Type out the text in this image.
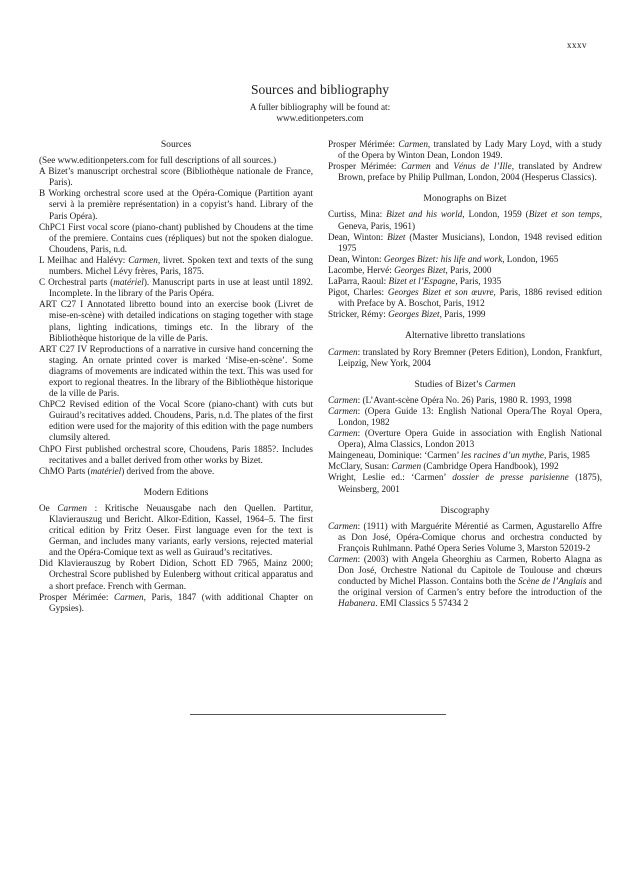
xxxv
Sources and bibliography
A fuller bibliography will be found at:
www.editionpeters.com
Sources

(See www.editionpeters.com for full descriptions of all sources.)

A Bizet’s manuscript orchestral score (Bibliothèque nationale de France, Paris).

B Working orchestral score used at the Opéra-Comique (Partition ayant servi à la première représentation) in a copyist’s hand. Library of the Paris Opéra).

ChPC1 First vocal score (piano-chant) published by Choudens at the time of the premiere. Contains cues (répliques) but not the spoken dialogue. Choudens, Paris, n.d.

L Meilhac and Halévy: Carmen, livret. Spoken text and texts of the sung numbers. Michel Lévy frères, Paris, 1875.

C Orchestral parts (matériel). Manuscript parts in use at least until 1892. Incomplete. In the library of the Paris Opéra.

ART C27 I Annotated libretto bound into an exercise book (Livret de mise-en-scène) with detailed indications on staging together with stage plans, lighting indications, timings etc. In the library of the Bibliothèque historique de la ville de Paris.

ART C27 IV Reproductions of a narrative in cursive hand concerning the staging. An ornate printed cover is marked ‘Mise-en-scène’. Some diagrams of movements are indicated within the text. This was used for export to regional theatres. In the library of the Bibliothèque historique de la ville de Paris.

ChPC2 Revised edition of the Vocal Score (piano-chant) with cuts but Guiraud’s recitatives added. Choudens, Paris, n.d. The plates of the first edition were used for the majority of this edition with the page numbers clumsily altered.

ChPO First published orchestral score, Choudens, Paris 1885?. Includes recitatives and a ballet derived from other works by Bizet.

ChMO Parts (matériel) derived from the above.

Modern Editions

Oe Carmen : Kritische Neuausgabe nach den Quellen. Partitur, Klavierauszug und Bericht. Alkor-Edition, Kassel, 1964–5. The first critical edition by Fritz Oeser. First language even for the text is German, and includes many variants, early versions, rejected material and the Opéra-Comique text as well as Guiraud’s recitatives.

Did Klavierauszug by Robert Didion, Schott ED 7965, Mainz 2000; Orchestral Score published by Eulenberg without critical apparatus and a short preface. French with German.

Prosper Mérimée: Carmen, Paris, 1847 (with additional Chapter on Gypsies).

Prosper Mérimée: Carmen, translated by Lady Mary Loyd, with a study of the Opera by Winton Dean, London 1949.

Prosper Mérimée: Carmen and Vénus de l’Ille, translated by Andrew Brown, preface by Philip Pullman, London, 2004 (Hesperus Classics).

Monographs on Bizet

Curtiss, Mina: Bizet and his world, London, 1959 (Bizet et son temps, Geneva, Paris, 1961)

Dean, Winton: Bizet (Master Musicians), London, 1948 revised edition 1975

Dean, Winton: Georges Bizet: his life and work, London, 1965

Lacombe, Hervé: Georges Bizet, Paris, 2000

LaParra, Raoul: Bizet et l’Espagne, Paris, 1935

Pigot, Charles: Georges Bizet et son œuvre, Paris, 1886 revised edition with Preface by A. Boschot, Paris, 1912

Stricker, Rémy: Georges Bizet, Paris, 1999

Alternative libretto translations

Carmen: translated by Rory Bremner (Peters Edition), London, Frankfurt, Leipzig, New York, 2004

Studies of Bizet’s Carmen

Carmen: (L’Avant-scène Opéra No. 26) Paris, 1980 R. 1993, 1998

Carmen: (Opera Guide 13: English National Opera/The Royal Opera, London, 1982

Carmen: (Overture Opera Guide in association with English National Opera), Alma Classics, London 2013

Maingeneau, Dominique: ‘Carmen’ les racines d’un mythe, Paris, 1985

McClary, Susan: Carmen (Cambridge Opera Handbook), 1992

Wright, Leslie ed.: ‘Carmen’ dossier de presse parisienne (1875), Weinsberg, 2001

Discography

Carmen: (1911) with Marguérite Mérentié as Carmen, Agustarello Affre as Don José, Opéra-Comique chorus and orchestra conducted by François Ruhlmann. Pathé Opera Series Volume 3, Marston 52019-2

Carmen: (2003) with Angela Gheorghiu as Carmen, Roberto Alagna as Don José, Orchestre National du Capitole de Toulouse and chœurs conducted by Michel Plasson. Contains both the Scène de l’Anglais and the original version of Carmen’s entry before the introduction of the Habanera. EMI Classics 5 57434 2
